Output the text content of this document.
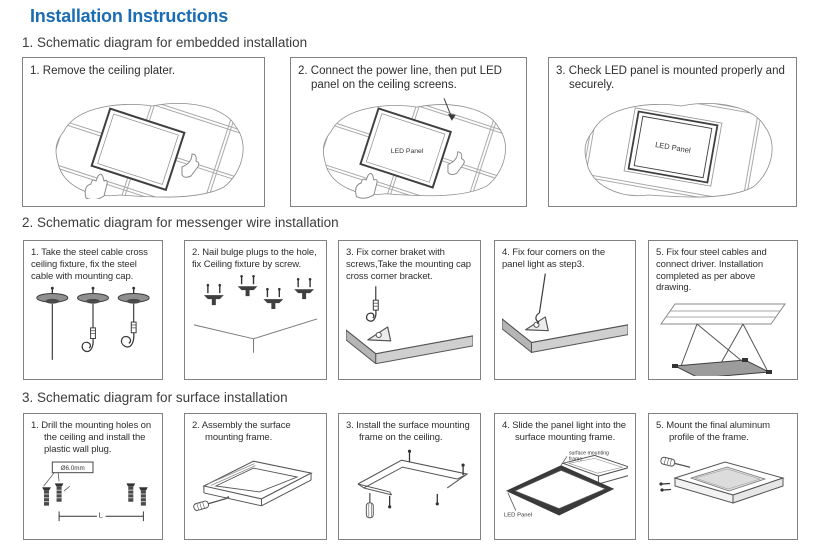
Installation Instructions
1. Schematic diagram for embedded installation
1. Remove the ceiling plater.	2. Connect the power line, then put LED panel on the ceiling screens.
LED Panel
3. Check LED panel is mounted properly and securely.
LED Panel
2. Schematic diagram for messenger wire installation
1. Take the steel cable cross ceiling fixture, fix the steel cable with mounting cap.
2. Nail bulge plugs to the hole, fix Ceiling fixture by screw.
3. Fix corner braket with screws,Take the mounting cap cross corner bracket.
4. Fix four corners on the panel light as step3.
5. Fix four steel cables and connect driver. Installation completed as per above drawing.
3. Schematic diagram for surface installation
1. Drill the mounting holes on the ceiling and install the plastic wall plug.
Ø6.0mm
L
2. Assembly the surface mounting frame.
3. Install the surface mounting frame on the ceiling.
4. Slide the panel light into the surface mounting frame.
surface mounting
frame
LED Panel
5. Mount the final aluminum profile of the frame.
